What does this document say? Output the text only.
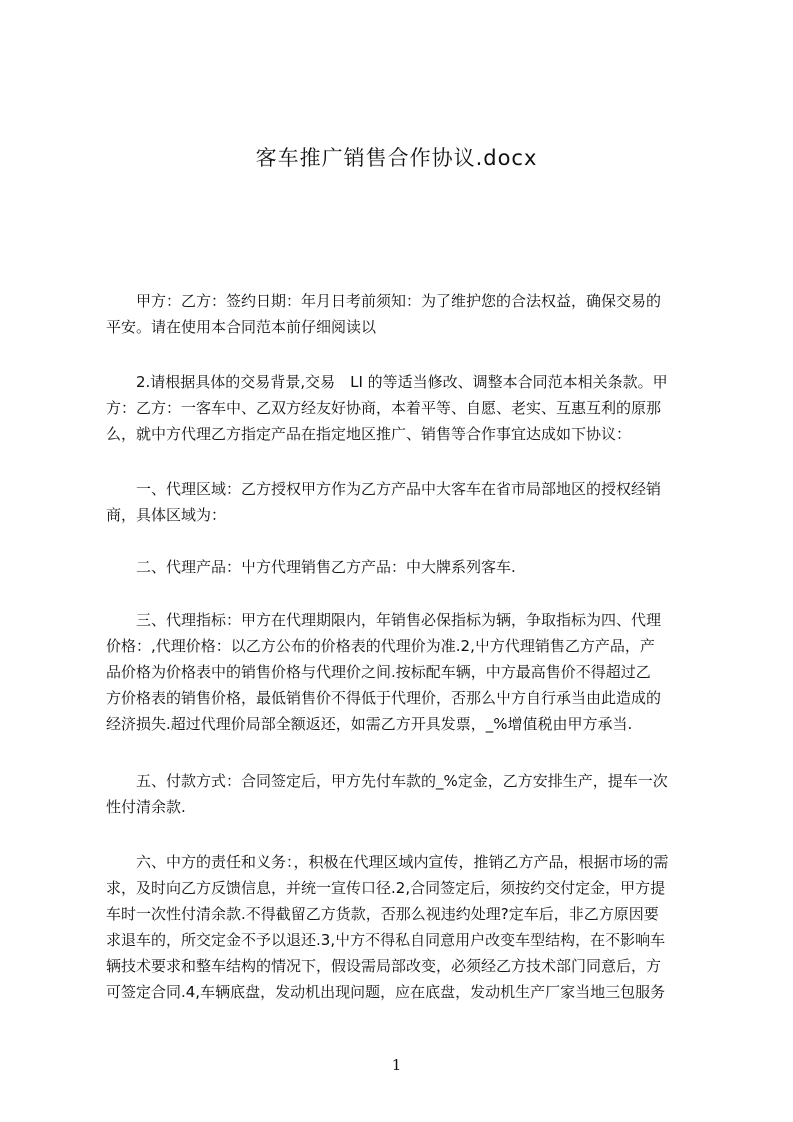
客车推广销售合作协议.docx
　　甲方：乙方：签约日期：年月日考前须知：为了维护您的合法权益，确保交易的
平安。请在使用本合同范本前仔细阅读以
　　2.请根据具体的交易背景,交易　LI 的等适当修改、调整本合同范本相关条款。甲
方：乙方：一客车中、乙双方经友好协商，本着平等、自愿、老实、互惠互利的原那
么，就中方代理乙方指定产品在指定地区推广、销售等合作事宜达成如下协议：
　　一、代理区域：乙方授权甲方作为乙方产品中大客车在省市局部地区的授权经销
商，具体区域为：
　　二、代理产品：屮方代理销售乙方产品：中大牌系列客车.
　　三、代理指标：甲方在代理期限内，年销售必保指标为辆，争取指标为四、代理
价格：,代理价格：以乙方公布的价格表的代理价为准.2,屮方代理销售乙方产品，产
品价格为价格表中的销售价格与代理价之间.按标配车辆，中方最高售价不得超过乙
方价格表的销售价格，最低销售价不得低于代理价，否那么屮方自行承当由此造成的
经济损失.超过代理价局部全额返还，如需乙方开具发票，_%增值税由甲方承当.
　　五、付款方式：合同签定后，甲方先付车款的_%定金，乙方安排生产，提车一次
性付清余款.
　　六、中方的责任和义务：，积极在代理区域内宣传，推销乙方产品，根据市场的需
求，及时向乙方反馈信息，并统一宣传口径.2,合同签定后，须按约交付定金，甲方提
车时一次性付清余款.不得截留乙方货款，否那么视违约处理?定车后，非乙方原因要
求退车的，所交定金不予以退还.3,屮方不得私自同意用户改变车型结构，在不影响车
辆技术要求和整车结构的情况下，假设需局部改变，必须经乙方技术部门同意后，方
可签定合同.4,车辆底盘，发动机出现问题，应在底盘，发动机生产厂家当地三包服务
1
